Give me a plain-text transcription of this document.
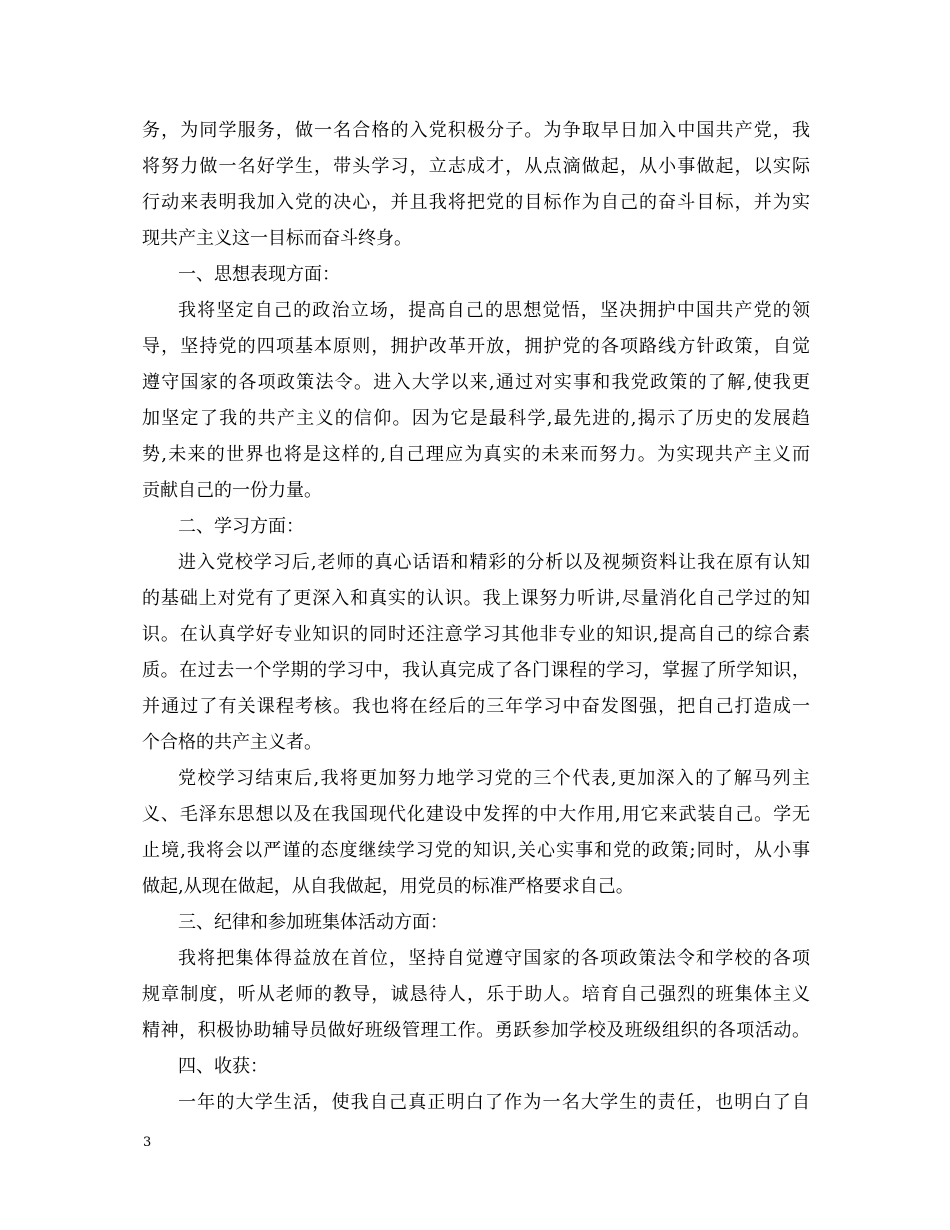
务，为同学服务，做一名合格的入党积极分子。为争取早日加入中国共产党，我
将努力做一名好学生，带头学习，立志成才，从点滴做起，从小事做起，以实际
行动来表明我加入党的决心，并且我将把党的目标作为自己的奋斗目标，并为实
现共产主义这一目标而奋斗终身。
一、思想表现方面：
我将坚定自己的政治立场，提高自己的思想觉悟，坚决拥护中国共产党的领
导，坚持党的四项基本原则，拥护改革开放，拥护党的各项路线方针政策，自觉
遵守国家的各项政策法令。进入大学以来,通过对实事和我党政策的了解,使我更
加坚定了我的共产主义的信仰。因为它是最科学,最先进的,揭示了历史的发展趋
势,未来的世界也将是这样的,自己理应为真实的未来而努力。为实现共产主义而
贡献自己的一份力量。
二、学习方面：
进入党校学习后,老师的真心话语和精彩的分析以及视频资料让我在原有认知
的基础上对党有了更深入和真实的认识。我上课努力听讲,尽量消化自己学过的知
识。在认真学好专业知识的同时还注意学习其他非专业的知识,提高自己的综合素
质。在过去一个学期的学习中，我认真完成了各门课程的学习，掌握了所学知识，
并通过了有关课程考核。我也将在经后的三年学习中奋发图强，把自己打造成一
个合格的共产主义者。
党校学习结束后,我将更加努力地学习党的三个代表,更加深入的了解马列主
义、毛泽东思想以及在我国现代化建设中发挥的中大作用,用它来武装自己。学无
止境,我将会以严谨的态度继续学习党的知识,关心实事和党的政策;同时，从小事
做起,从现在做起，从自我做起，用党员的标准严格要求自己。
三、纪律和参加班集体活动方面：
我将把集体得益放在首位，坚持自觉遵守国家的各项政策法令和学校的各项
规章制度，听从老师的教导，诚恳待人，乐于助人。培育自己强烈的班集体主义
精神，积极协助辅导员做好班级管理工作。勇跃参加学校及班级组织的各项活动。
四、收获：
一年的大学生活，使我自己真正明白了作为一名大学生的责任，也明白了自
3
